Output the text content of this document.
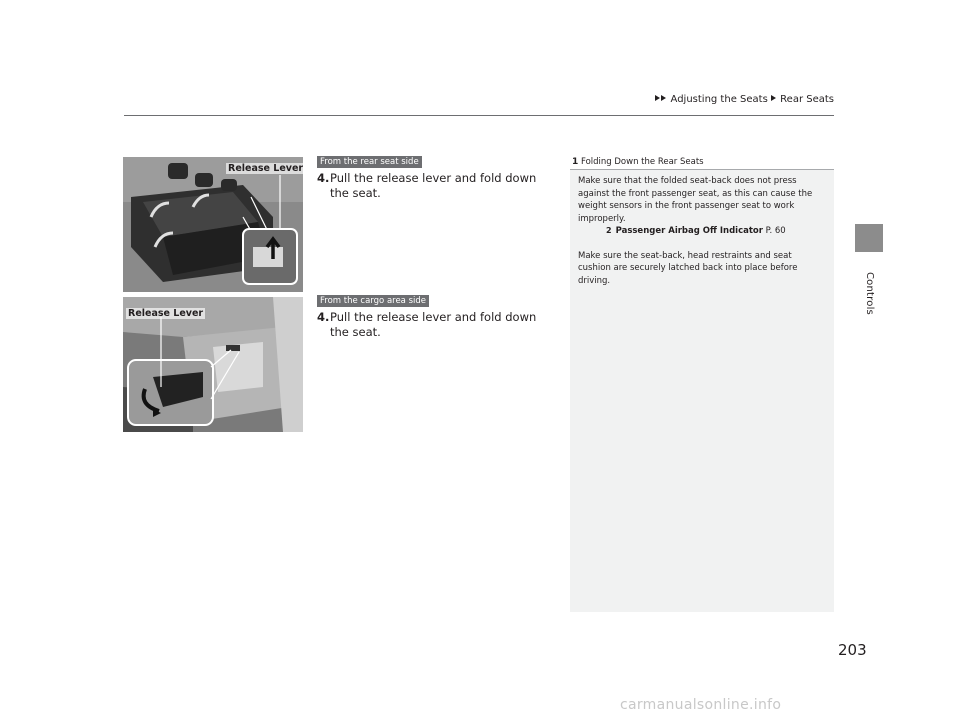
Adjusting the Seats Rear Seats
Controls
Release Lever
Release Lever
From the rear seat side
4. Pull the release lever and fold down the seat.
From the cargo area side
4. Pull the release lever and fold down the seat.
1 Folding Down the Rear Seats

Make sure that the folded seat-back does not press against the front passenger seat, as this can cause the weight sensors in the front passenger seat to work improperly.

2 Passenger Airbag Off Indicator P. 60

Make sure the seat-back, head restraints and seat cushion are securely latched back into place before driving.

203
carmanualsonline.info
